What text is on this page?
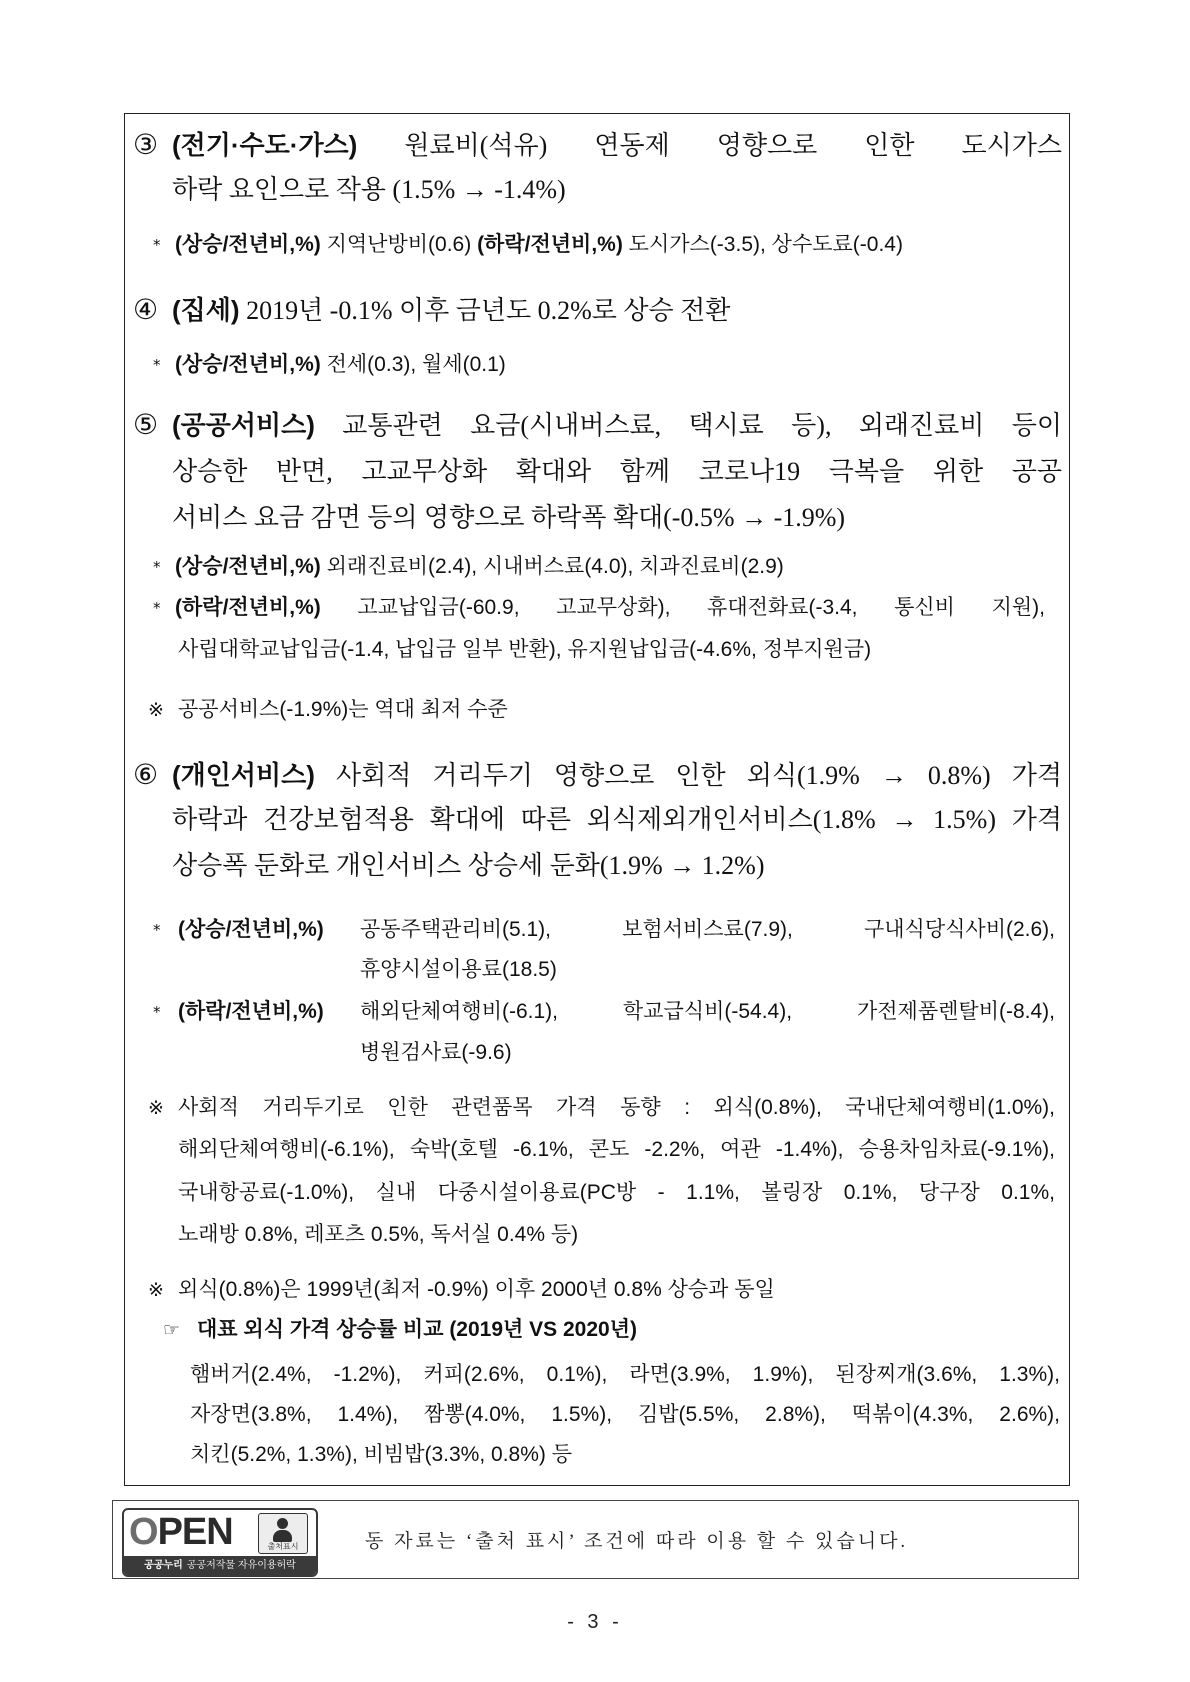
③ (전기·수도·가스) 원료비(석유) 연동제 영향으로 인한 도시가스
하락 요인으로 작용 (1.5% → -1.4%)
* (상승/전년비,%) 지역난방비(0.6) (하락/전년비,%) 도시가스(-3.5), 상수도료(-0.4)
④ (집세) 2019년 -0.1% 이후 금년도 0.2%로 상승 전환
* (상승/전년비,%) 전세(0.3), 월세(0.1)
⑤ (공공서비스) 교통관련 요금(시내버스료, 택시료 등), 외래진료비 등이
상승한 반면, 고교무상화 확대와 함께 코로나19 극복을 위한 공공
서비스 요금 감면 등의 영향으로 하락폭 확대(-0.5% → -1.9%)
* (상승/전년비,%) 외래진료비(2.4), 시내버스료(4.0), 치과진료비(2.9)
* (하락/전년비,%) 고교납입금(-60.9, 고교무상화), 휴대전화료(-3.4, 통신비 지원),
사립대학교납입금(-1.4, 납입금 일부 반환), 유지원납입금(-4.6%, 정부지원금)
※ 공공서비스(-1.9%)는 역대 최저 수준
⑥ (개인서비스) 사회적 거리두기 영향으로 인한 외식(1.9% → 0.8%) 가격
하락과 건강보험적용 확대에 따른 외식제외개인서비스(1.8% → 1.5%) 가격
상승폭 둔화로 개인서비스 상승세 둔화(1.9% → 1.2%)
* (상승/전년비,%) 공동주택관리비(5.1), 보험서비스료(7.9), 구내식당식사비(2.6),
휴양시설이용료(18.5)
* (하락/전년비,%) 해외단체여행비(-6.1), 학교급식비(-54.4), 가전제품렌탈비(-8.4),
병원검사료(-9.6)
※ 사회적 거리두기로 인한 관련품목 가격 동향 : 외식(0.8%), 국내단체여행비(1.0%),
해외단체여행비(-6.1%), 숙박(호텔 -6.1%, 콘도 -2.2%, 여관 -1.4%), 승용차임차료(-9.1%),
국내항공료(-1.0%), 실내 다중시설이용료(PC방 - 1.1%, 볼링장 0.1%, 당구장 0.1%,
노래방 0.8%, 레포츠 0.5%, 독서실 0.4% 등)
※ 외식(0.8%)은 1999년(최저 -0.9%) 이후 2000년 0.8% 상승과 동일
☞ 대표 외식 가격 상승률 비교 (2019년 VS 2020년)
햄버거(2.4%, -1.2%), 커피(2.6%, 0.1%), 라면(3.9%, 1.9%), 된장찌개(3.6%, 1.3%),
자장면(3.8%, 1.4%), 짬뽕(4.0%, 1.5%), 김밥(5.5%, 2.8%), 떡볶이(4.3%, 2.6%),
치킨(5.2%, 1.3%), 비빔밥(3.3%, 0.8%) 등
OPEN	출처표시
공공누리 공공저작물 자유이용허락
동 자료는 ‘출처 표시’ 조건에 따라 이용 할 수 있습니다.
- 3 -
